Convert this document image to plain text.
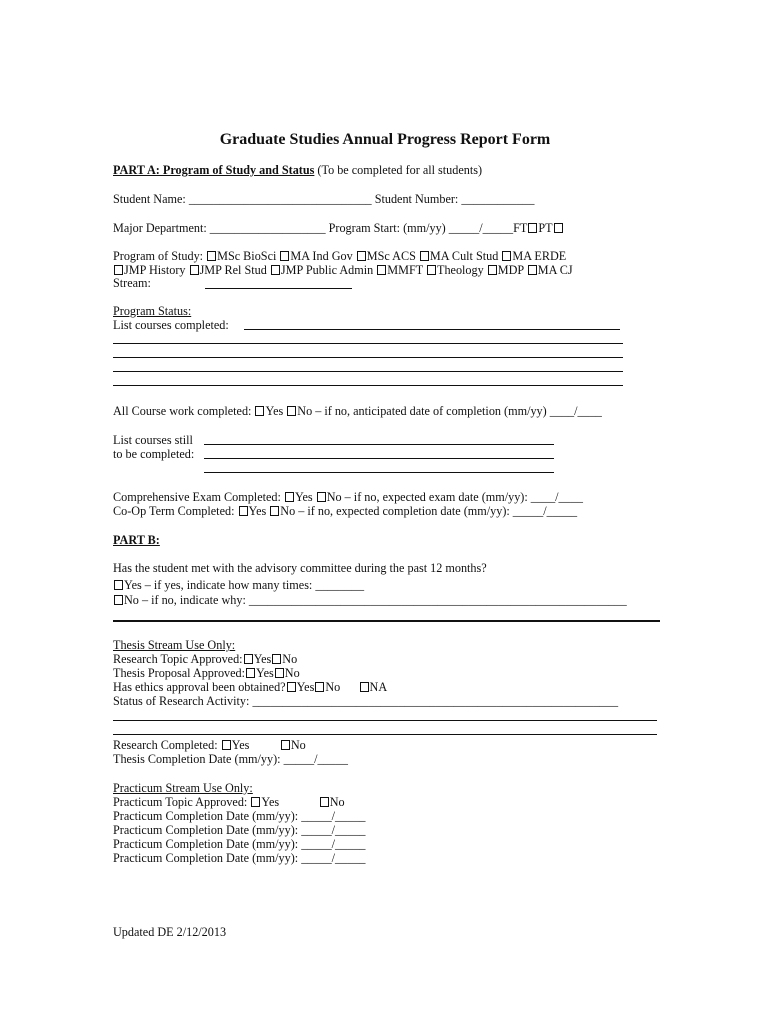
Graduate Studies Annual Progress Report Form
PART A: Program of Study and Status (To be completed for all students)
Student Name: ______________________________ Student Number: ____________
Major Department: ___________________ Program Start: (mm/yy) _____/_____FT PT
Program of Study: MSc BioSci MA Ind Gov MSc ACS MA Cult Stud MA ERDE
JMP History JMP Rel Stud JMP Public Admin MMFT Theology MDP MA CJ
Stream:
Program Status:
List courses completed:
All Course work completed: Yes No – if no, anticipated date of completion (mm/yy) ____/____
List courses still
to be completed:
Comprehensive Exam Completed: Yes No – if no, expected exam date (mm/yy): ____/____
Co-Op Term Completed: Yes No – if no, expected completion date (mm/yy): _____/_____
PART B:
Has the student met with the advisory committee during the past 12 months?
Yes – if yes, indicate how many times: ________
No – if no, indicate why: ______________________________________________________________
Thesis Stream Use Only:
Research Topic Approved: Yes No
Thesis Proposal Approved: Yes No
Has ethics approval been obtained? Yes No NA
Status of Research Activity: ____________________________________________________________
Research Completed: Yes	No
Thesis Completion Date (mm/yy): _____/_____
Practicum Stream Use Only:
Practicum Topic Approved: Yes	No
Practicum Completion Date (mm/yy): _____/_____
Practicum Completion Date (mm/yy): _____/_____
Practicum Completion Date (mm/yy): _____/_____
Practicum Completion Date (mm/yy): _____/_____
Updated DE 2/12/2013
